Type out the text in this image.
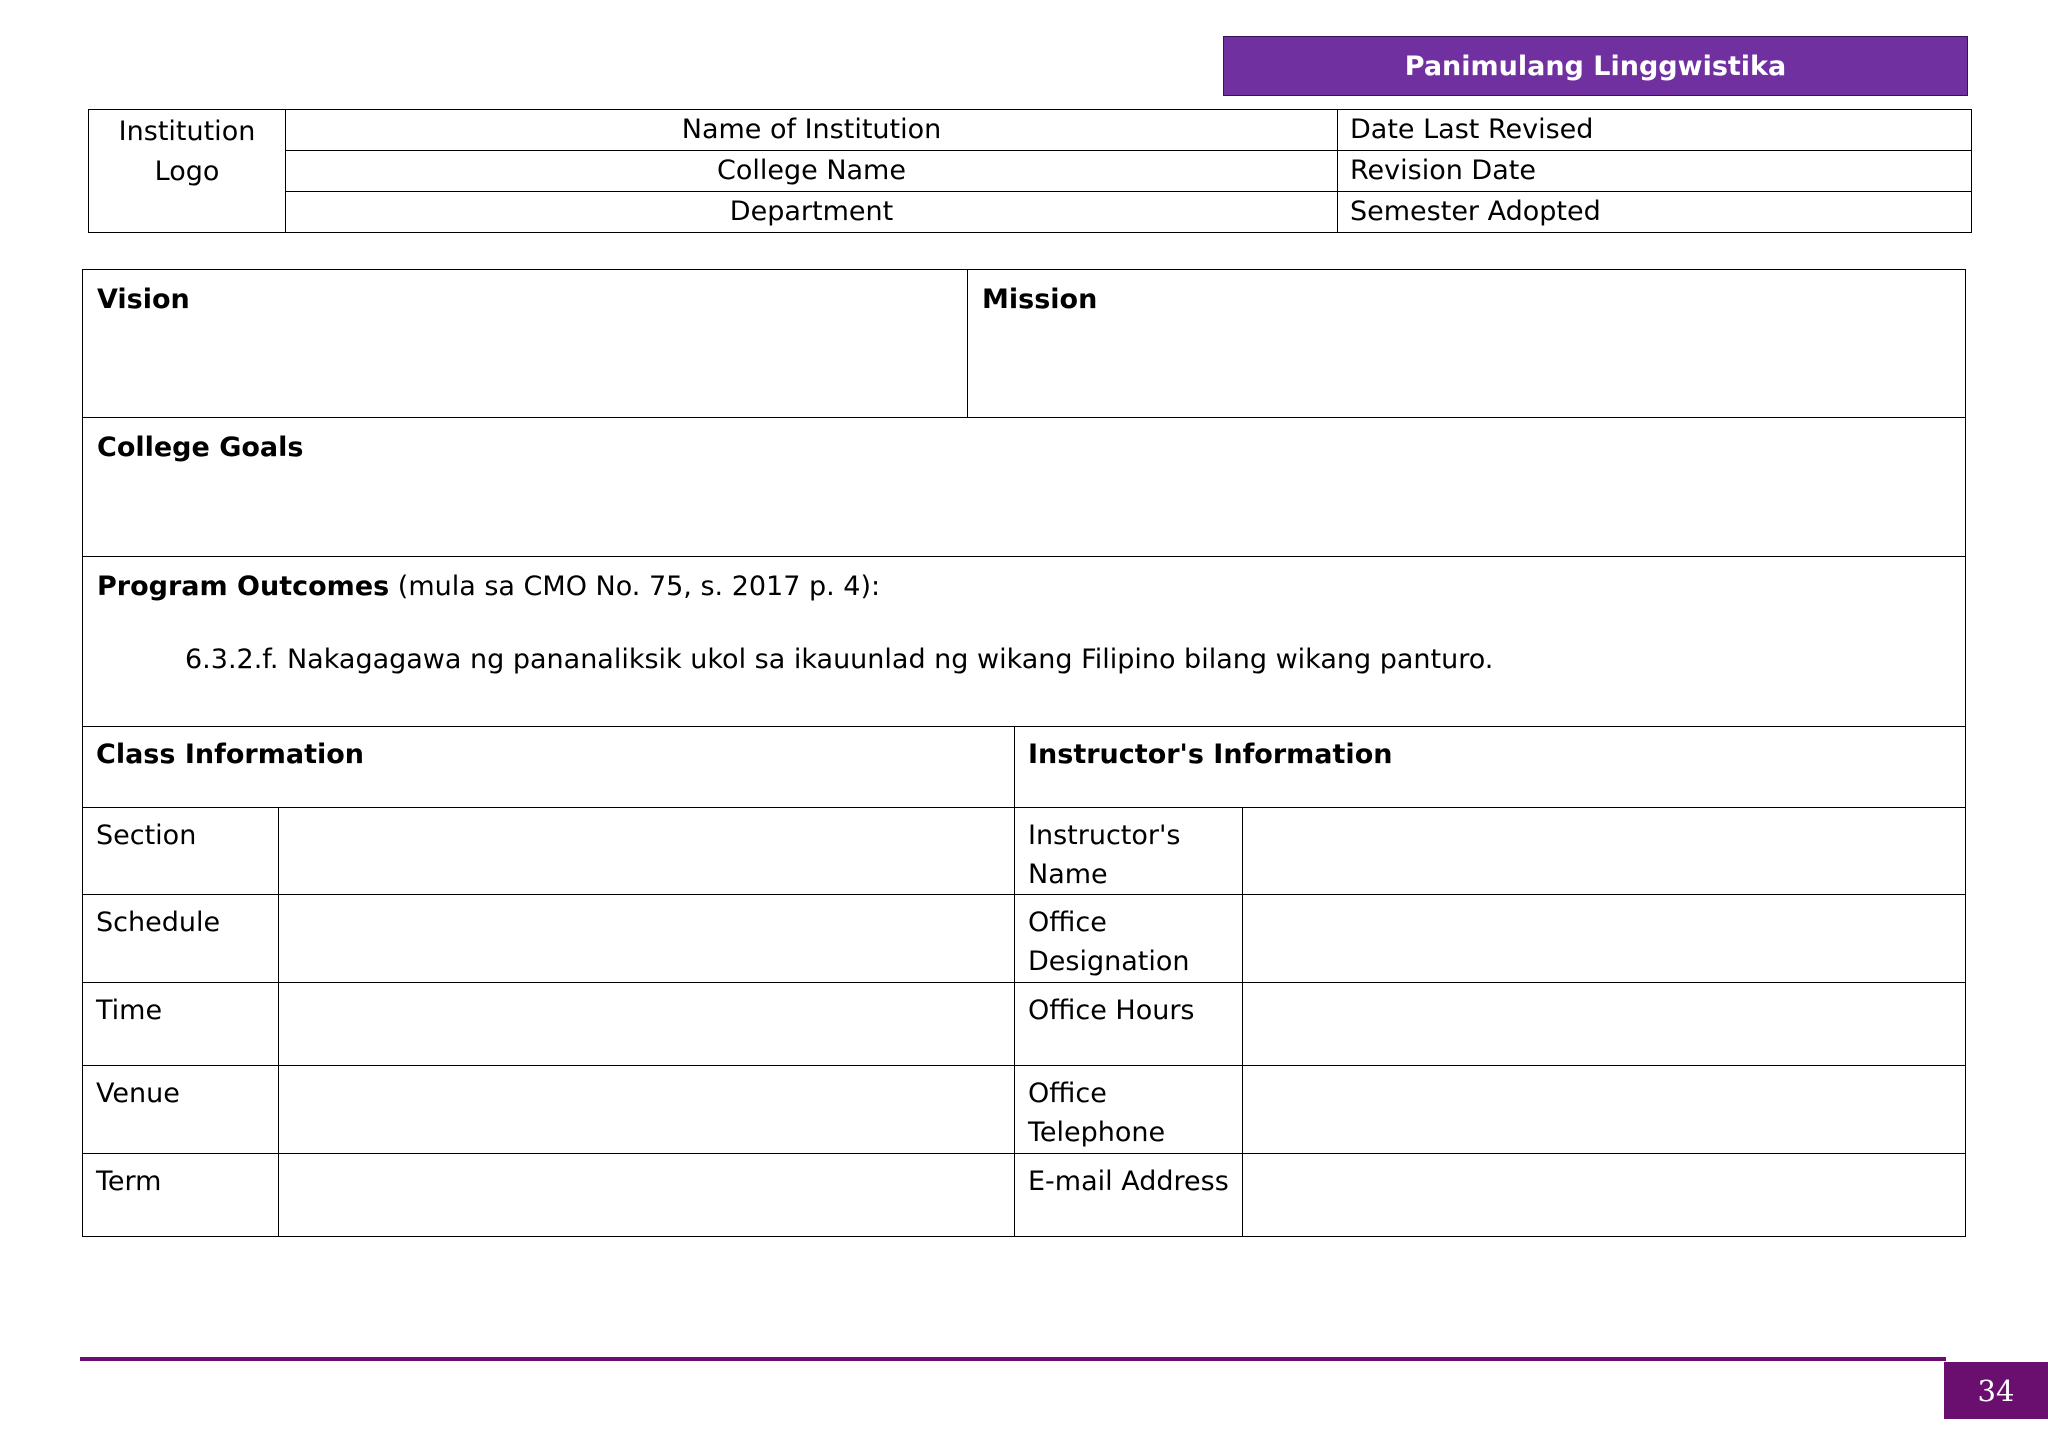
Panimulang Linggwistika
Institution
Logo	Name of Institution	Date Last Revised
	College Name	Revision Date
	Department	Semester Adopted
Vision	Mission
College Goals

Program Outcomes (mula sa CMO No. 75, s. 2017 p. 4):
6.3.2.f. Nakagagawa ng pananaliksik ukol sa ikauunlad ng wikang Filipino bilang wikang panturo.
Class Information		Instructor's Information	
Section		Instructor's
Name	

Schedule		Office
Designation	

Time		Office Hours	

Venue		Office
Telephone	

Term		E-mail Address	

34
